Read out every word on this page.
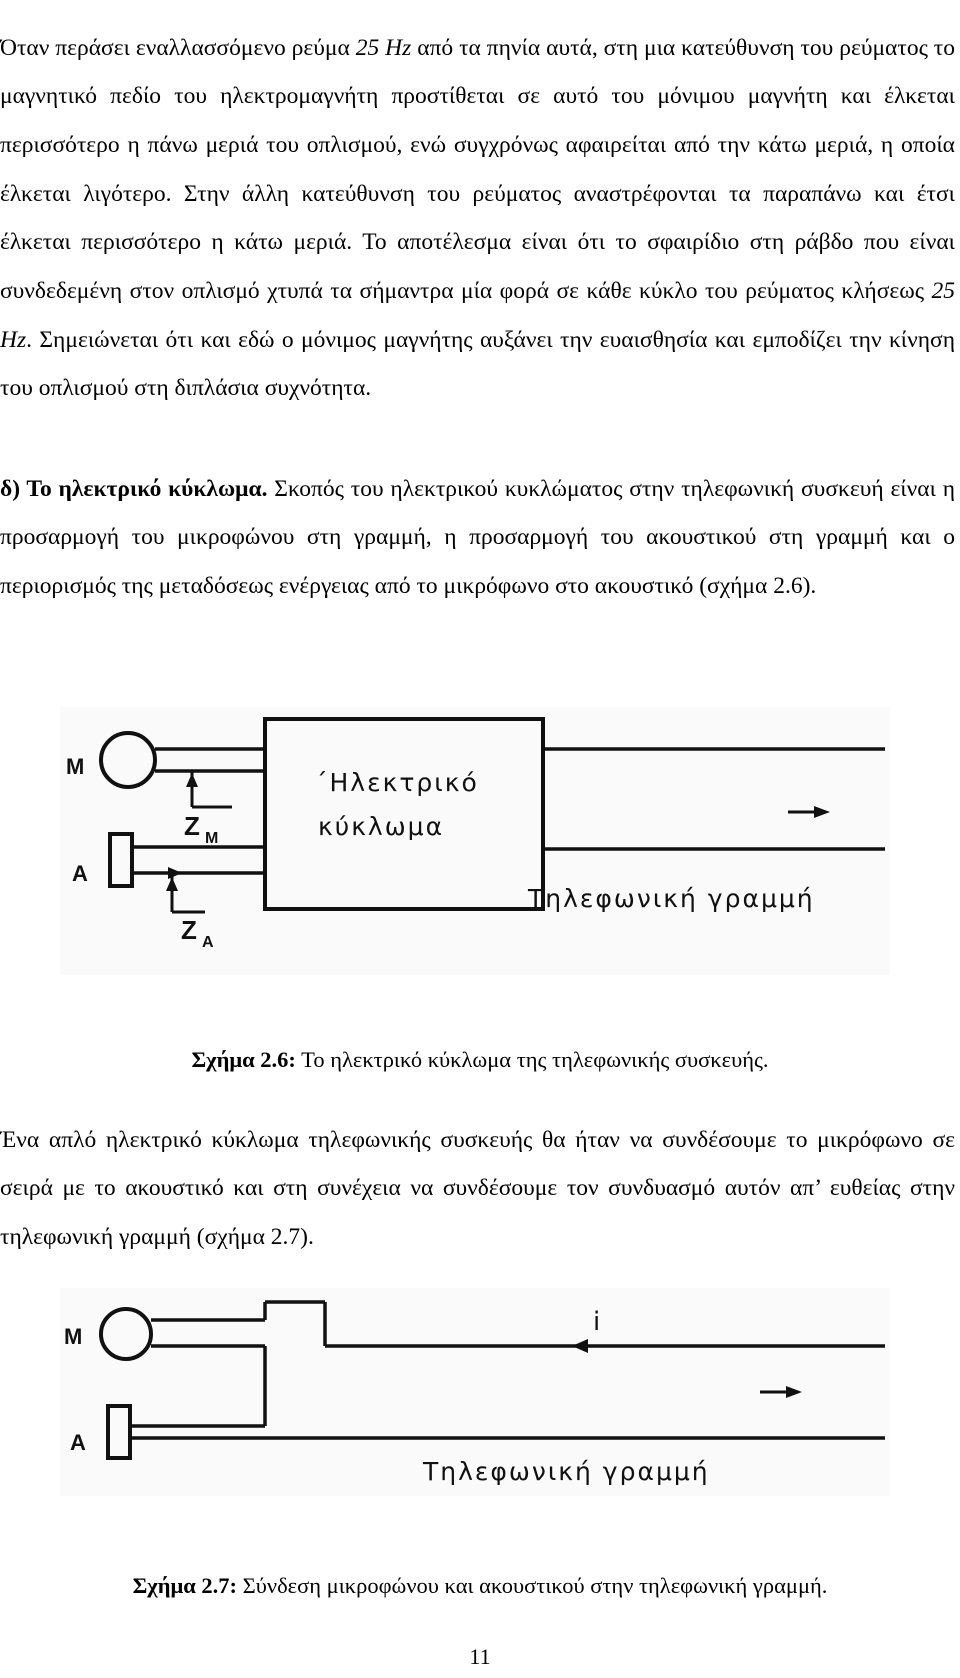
Όταν περάσει εναλλασσόμενο ρεύμα 25 Hz από τα πηνία αυτά, στη μια κατεύθυνση του ρεύματος το μαγνητικό πεδίο του ηλεκτρομαγνήτη προστίθεται σε αυτό του μόνιμου μαγνήτη και έλκεται περισσότερο η πάνω μεριά του οπλισμού, ενώ συγχρόνως αφαιρείται από την κάτω μεριά, η οποία έλκεται λιγότερο. Στην άλλη κατεύθυνση του ρεύματος αναστρέφονται τα παραπάνω και έτσι έλκεται περισσότερο η κάτω μεριά. Το αποτέλεσμα είναι ότι το σφαιρίδιο στη ράβδο που είναι συνδεδεμένη στον οπλισμό χτυπά τα σήμαντρα μία φορά σε κάθε κύκλο του ρεύματος κλήσεως 25 Hz. Σημειώνεται ότι και εδώ ο μόνιμος μαγνήτης αυξάνει την ευαισθησία και εμποδίζει την κίνηση του οπλισμού στη διπλάσια συχνότητα.

δ) Το ηλεκτρικό κύκλωμα. Σκοπός του ηλεκτρικού κυκλώματος στην τηλεφωνική συσκευή είναι η προσαρμογή του μικροφώνου στη γραμμή, η προσαρμογή του ακουστικού στη γραμμή και ο περιορισμός της μεταδόσεως ενέργειας από το μικρόφωνο στο ακουστικό (σχήμα 2.6).

M
A
Z M
Z A
΄Ηλεκτρικό
κύκλωμα
Τηλεφωνική γραμμή

Σχήμα 2.6: Το ηλεκτρικό κύκλωμα της τηλεφωνικής συσκευής.

Ένα απλό ηλεκτρικό κύκλωμα τηλεφωνικής συσκευής θα ήταν να συνδέσουμε το μικρόφωνο σε σειρά με το ακουστικό και στη συνέχεια να συνδέσουμε τον συνδυασμό αυτόν απ’ ευθείας στην τηλεφωνική γραμμή (σχήμα 2.7).

M
A
i
Τηλεφωνική γραμμή

Σχήμα 2.7: Σύνδεση μικροφώνου και ακουστικού στην τηλεφωνική γραμμή.

11
